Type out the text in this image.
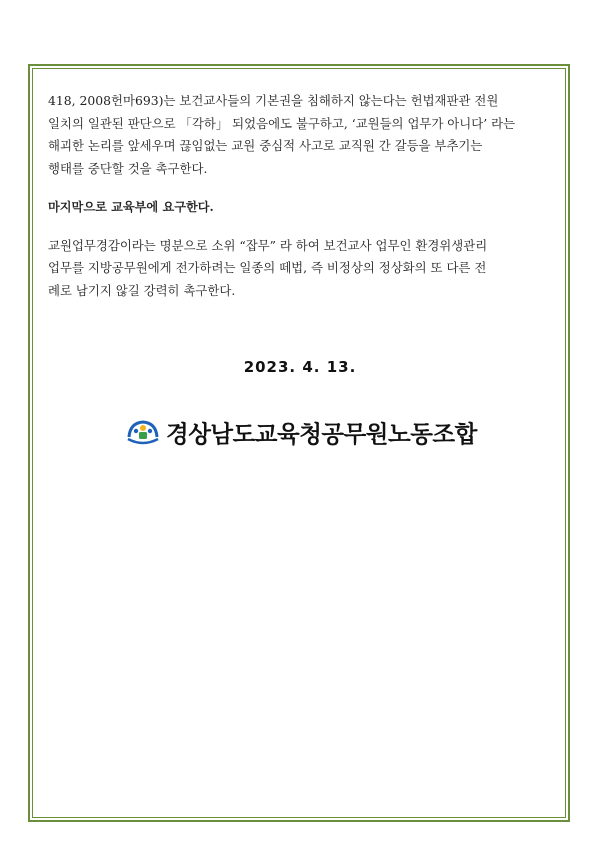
418, 2008헌마693)는 보건교사들의 기본권을 침해하지 않는다는 헌법재판관 전원
일치의 일관된 판단으로 「각하」 되었음에도 불구하고, ‘교원들의 업무가 아니다’ 라는
해괴한 논리를 앞세우며 끊임없는 교원 중심적 사고로 교직원 간 갈등을 부추기는
행태를 중단할 것을 촉구한다.

마지막으로 교육부에 요구한다.

교원업무경감이라는 명분으로 소위 “잡무” 라 하여 보건교사 업무인 환경위생관리
업무를 지방공무원에게 전가하려는 일종의 떼법, 즉 비정상의 정상화의 또 다른 전
례로 남기지 않길 강력히 촉구한다.

2023. 4. 13.
경상남도교육청공무원노동조합
